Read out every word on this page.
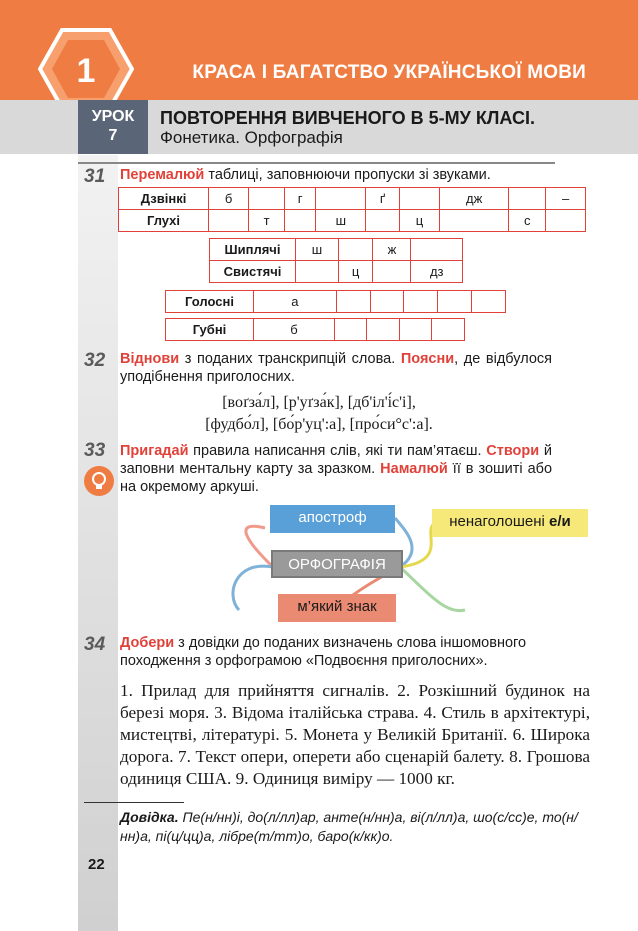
1	КРАСА І БАГАТСТВО УКРАЇНСЬКОЇ МОВИ
УРОК
7
ПОВТОРЕННЯ ВИВЧЕНОГО В 5-МУ КЛАСІ.
Фонетика. Орфографія
31 Перемалюй таблиці, заповнюючи пропуски зі звуками.
Дзвінкі	б		г		ґ		дж		–
Глухі		т		ш		ц		с	
Шиплячі	ш		ж	
Свистячі		ц		дз
Голосні	а					
Губні	б				
32 Віднови з поданих транскрипцій слова. Поясни, де відбулося уподібнення приголосних.
[воґза́л], [р'уґза́к], [дб'іл'і́с'і],
[фудбо́л], [бо́р'уц':а], [про́си°с':а].
33 Пригадай правила написання слів, які ти пам’ятаєш. Створи й заповни ментальну карту за зразком. Намалюй її в зошиті або на окремому аркуші.
апостроф	ненаголошені е/и
ОРФОГРАФІЯ
м’який знак
34 Добери з довідки до поданих визначень слова іншомовного походження з орфограмою «Подвоєння приголосних».
1. Прилад для прийняття сигналів. 2. Розкішний будинок на березі моря. 3. Відома італійська страва. 4. Стиль в архітектурі, мистецтві, літературі. 5. Монета у Великій Британії. 6. Широка дорога. 7. Текст опери, оперети або сценарій балету. 8. Грошова одиниця США. 9. Одиниця виміру — 1000 кг.
Довідка. Пе(н/нн)і, до(л/лл)ар, анте(н/нн)а, ві(л/лл)а, шо(с/сс)е, то(н/нн)а, пі(ц/цц)а, лібре(т/тт)о, баро(к/кк)о.
22
